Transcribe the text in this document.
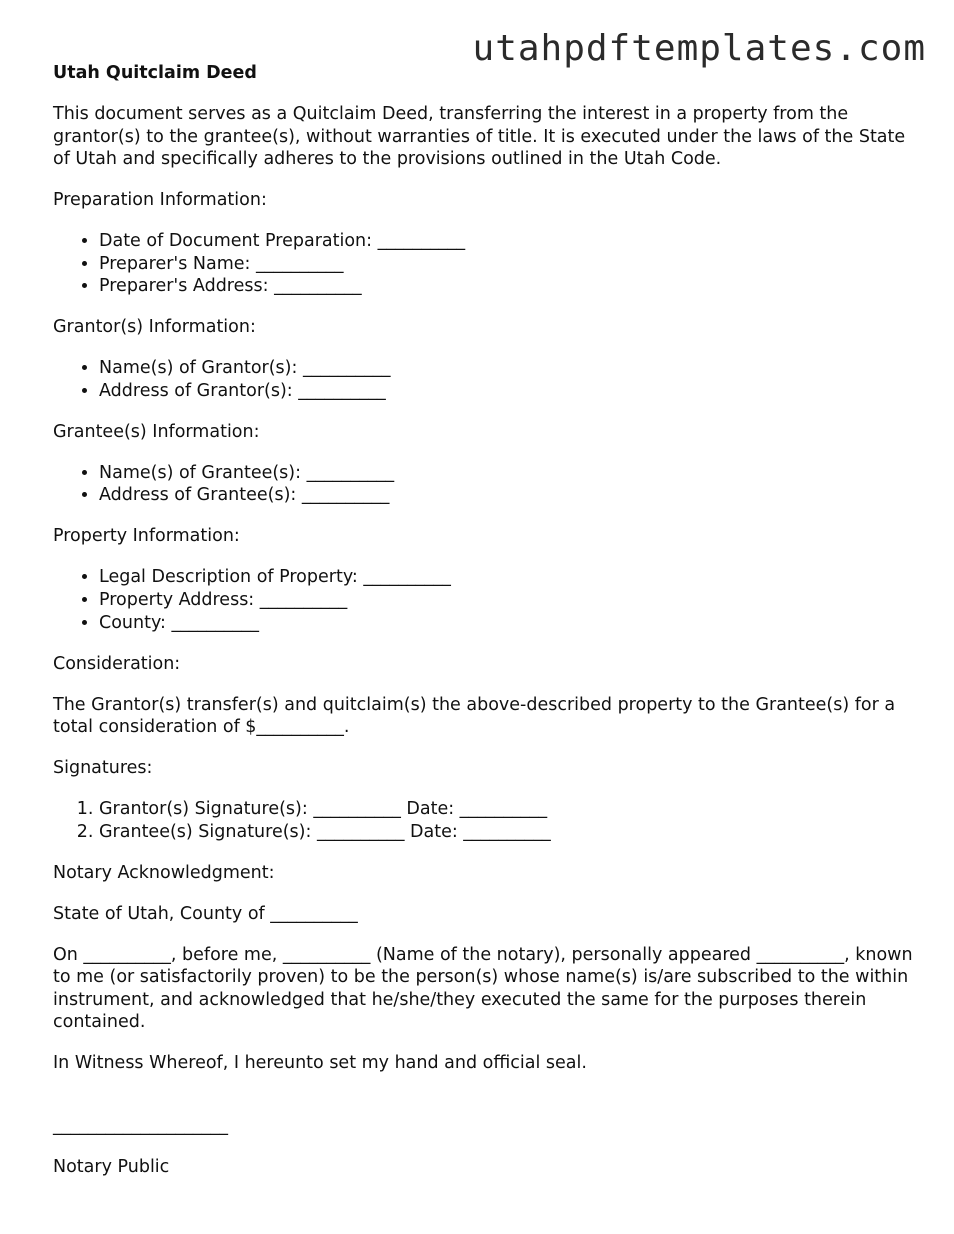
utahpdftemplates.com
Utah Quitclaim Deed

This document serves as a Quitclaim Deed, transferring the interest in a property from the grantor(s) to the grantee(s), without warranties of title. It is executed under the laws of the State of Utah and specifically adheres to the provisions outlined in the Utah Code.

Preparation Information:

• Date of Document Preparation: __________
• Preparer's Name: __________
• Preparer's Address: __________

Grantor(s) Information:

• Name(s) of Grantor(s): __________
• Address of Grantor(s): __________

Grantee(s) Information:

• Name(s) of Grantee(s): __________
• Address of Grantee(s): __________

Property Information:

• Legal Description of Property: __________
• Property Address: __________
• County: __________

Consideration:

The Grantor(s) transfer(s) and quitclaim(s) the above-described property to the Grantee(s) for a total consideration of $__________.

Signatures:

1. Grantor(s) Signature(s): __________ Date: __________
2. Grantee(s) Signature(s): __________ Date: __________

Notary Acknowledgment:

State of Utah, County of __________

On __________, before me, __________ (Name of the notary), personally appeared __________, known to me (or satisfactorily proven) to be the person(s) whose name(s) is/are subscribed to the within instrument, and acknowledged that he/she/they executed the same for the purposes therein contained.

In Witness Whereof, I hereunto set my hand and official seal.

____________________

Notary Public
